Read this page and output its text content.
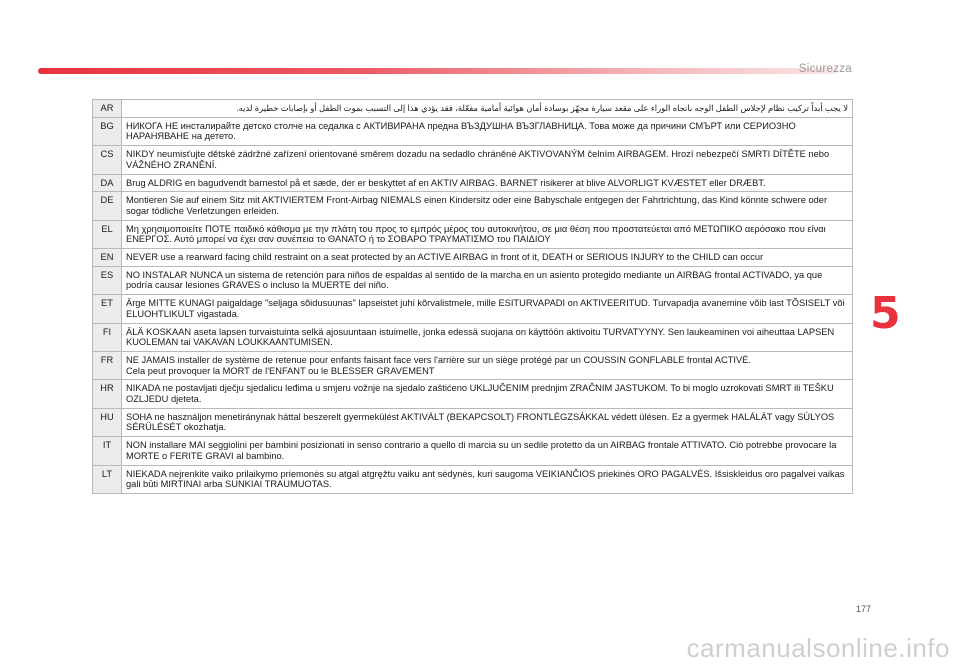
Sicurezza
AR	لا يجب أبداً تركيب نظام لإجلاس الطفل الوجه باتجاه الوراء على مقعد سيارة مجهّز بوسادة أمان هوائية أمامية مفعّلة، فقد يؤدي هذا إلى التسبب بموت الطفل أو بإصابات خطيرة لديه.
BG	НИКОГА НЕ инсталирайте детско столче на седалка с АКТИВИРАНА предна ВЪЗДУШНА ВЪЗГЛАВНИЦА. Това може да причини СМЪРТ или СЕРИОЗНО НАРАНЯВАНЕ на детето.
CS	NIKDY neumisťujte dětské zádržné zařízení orientované směrem dozadu na sedadlo chráněné AKTIVOVANÝM čelním AIRBAGEM. Hrozí nebezpečí SMRTI DÍTĚTE nebo VÁŽNÉHO ZRANĚNÍ.
DA	Brug ALDRIG en bagudvendt barnestol på et sæde, der er beskyttet af en AKTIV AIRBAG. BARNET risikerer at blive ALVORLIGT KVÆSTET eller DRÆBT.
DE	Montieren Sie auf einem Sitz mit AKTIVIERTEM Front-Airbag NIEMALS einen Kindersitz oder eine Babyschale entgegen der Fahrtrichtung, das Kind könnte schwere oder sogar tödliche Verletzungen erleiden.
EL	Μη χρησιμοποιείτε ΠΟΤΕ παιδικό κάθισμα με την πλάτη του προς το εμπρός μέρος του αυτοκινήτου, σε μια θέση που προστατεύεται από ΜΕΤΩΠΙΚΟ αερόσακο που είναι ΕΝΕΡΓΟΣ. Αυτό μπορεί να έχει σαν συνέπεια το ΘΑΝΑΤΟ ή το ΣΟΒΑΡΟ ΤΡΑΥΜΑΤΙΣΜΟ του ΠΑΙΔΙΟΥ
EN	NEVER use a rearward facing child restraint on a seat protected by an ACTIVE AIRBAG in front of it, DEATH or SERIOUS INJURY to the CHILD can occur
ES	NO INSTALAR NUNCA un sistema de retención para niños de espaldas al sentido de la marcha en un asiento protegido mediante un AIRBAG frontal ACTIVADO, ya que podría causar lesiones GRAVES o incluso la MUERTE del niño.
ET	Ärge MITTE KUNAGI paigaldage "seljaga sõidusuunas" lapseistet juhi kõrvalistmele, mille ESITURVAPADI on AKTIVEERITUD. Turvapadja avanemine võib last TÕSISELT või ELUOHTLIKULT vigastada.
FI	ÄLÄ KOSKAAN aseta lapsen turvaistuinta selkä ajosuuntaan istuimelle, jonka edessä suojana on käyttöön aktivoitu TURVATYYNY. Sen laukeaminen voi aiheuttaa LAPSEN KUOLEMAN tai VAKAVAN LOUKKAANTUMISEN.
FR	NE JAMAIS installer de système de retenue pour enfants faisant face vers l'arrière sur un siège protégé par un COUSSIN GONFLABLE frontal ACTIVÉ.
Cela peut provoquer la MORT de l'ENFANT ou le BLESSER GRAVEMENT
HR	NIKADA ne postavljati dječju sjedalicu leđima u smjeru vožnje na sjedalo zaštićeno UKLJUČENIM prednjim ZRAČNIM JASTUKOM. To bi moglo uzrokovati SMRT ili TEŠKU OZLJEDU djeteta.
HU	SOHA ne használjon menetiránynak háttal beszerelt gyermekülést AKTIVÁLT (BEKAPCSOLT) FRONTLÉGZSÁKKAL védett ülésen. Ez a gyermek HALÁLÁT vagy SÚLYOS SÉRÜLÉSÉT okozhatja.
IT	NON installare MAI seggiolini per bambini posizionati in senso contrario a quello di marcia su un sedile protetto da un AIRBAG frontale ATTIVATO. Ciò potrebbe provocare la MORTE o FERITE GRAVI al bambino.
LT	NIEKADA nejrenkite vaiko prilaikymo priemonės su atgal atgręžtu vaiku ant sėdynės, kuri saugoma VEIKIANČIOS priekinės ORO PAGALVĖS. Išsiskleidus oro pagalvei vaikas gali būti MIRTINAI arba SUNKIAI TRAUMUOTAS.
5
177
carmanualsonline.info
